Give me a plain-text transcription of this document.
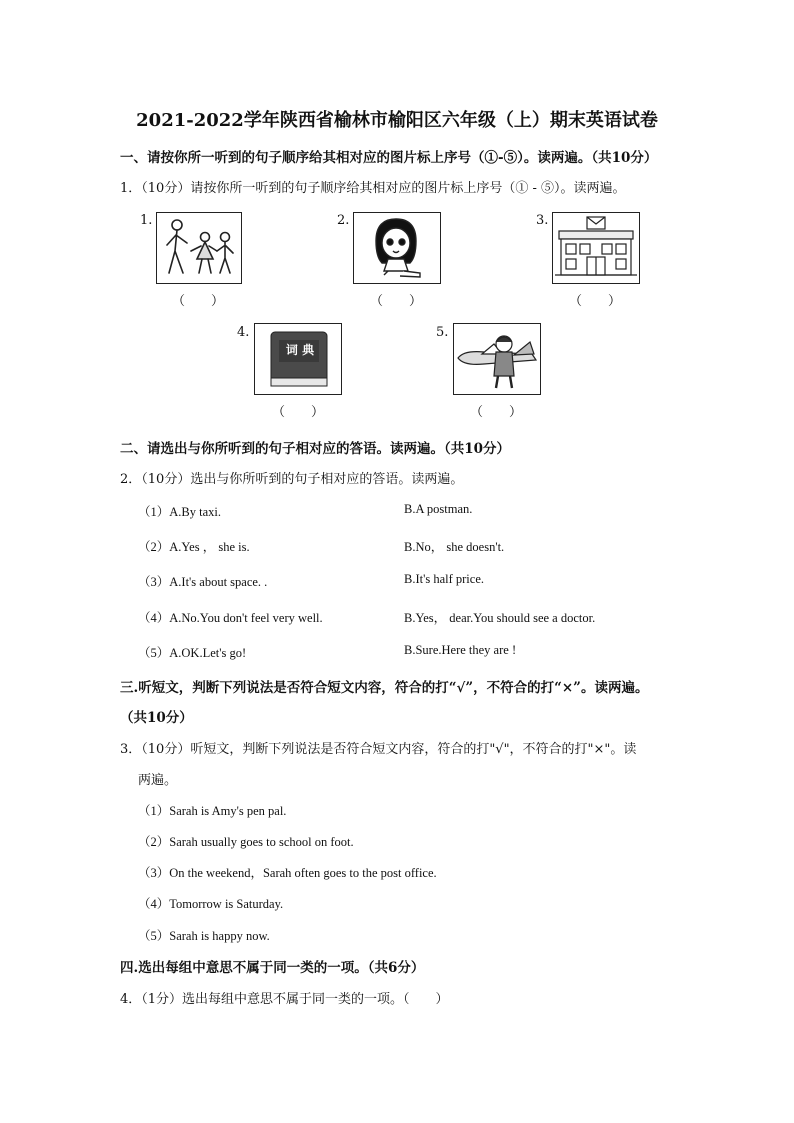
2021-2022学年陕西省榆林市榆阳区六年级（上）期末英语试卷
一、请按你所一听到的句子顺序给其相对应的图片标上序号（①-⑤）。读两遍。（共10分）
1．（10分）请按你所一听到的句子顺序给其相对应的图片标上序号（① - ⑤）。读两遍。
1.
（　　）
2.
（　　）
3.
（　　）
4.
词 典
（　　）
5.
（　　）
二、请选出与你所听到的句子相对应的答语。读两遍。（共10分）
2．（10分）选出与你所听到的句子相对应的答语。读两遍。
（1）A.By taxi.	B.A postman.
（2）A.Yes ， she is.	B.No， she doesn't.
（3）A.It's about space. .	B.It's half price.
（4）A.No.You don't feel very well.	B.Yes， dear.You should see a doctor.
（5）A.OK.Let's go!	B.Sure.Here they are !
三.听短文，判断下列说法是否符合短文内容，符合的打“√”，不符合的打“×”。读两遍。
（共10分）
3．（10分）听短文，判断下列说法是否符合短文内容，符合的打"√"，不符合的打"×"。读
两遍。
（1）Sarah is Amy's pen pal.
（2）Sarah usually goes to school on foot.
（3）On the weekend，Sarah often goes to the post office.
（4）Tomorrow is Saturday.
（5）Sarah is happy now.
四.选出每组中意思不属于同一类的一项。（共6分）
4．（1分）选出每组中意思不属于同一类的一项。（　　）
